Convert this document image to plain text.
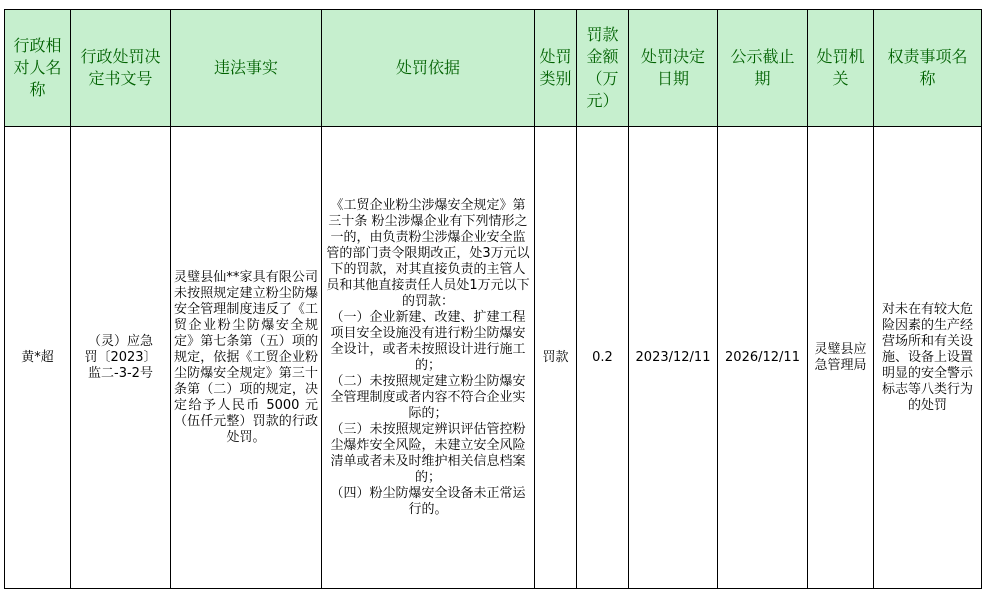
行政相对人名称	行政处罚决定书文号	违法事实	处罚依据	处罚类别	罚款金额（万元）	处罚决定日期	公示截止期	处罚机关	权责事项名称

黄*超	（灵）应急罚〔2023〕监二-3-2号	灵璧县仙**家具有限公司未按照规定建立粉尘防爆安全管理制度违反了《工贸企业粉尘防爆安全规定》第七条第（五）项的规定，依据《工贸企业粉尘防爆安全规定》第三十条第（二）项的规定，决定给予人民币 5000 元（伍仟元整）罚款的行政处罚。	《工贸企业粉尘涉爆安全规定》第三十条 粉尘涉爆企业有下列情形之一的，由负责粉尘涉爆企业安全监管的部门责令限期改正，处3万元以下的罚款，对其直接负责的主管人员和其他直接责任人员处1万元以下的罚款：
（一）企业新建、改建、扩建工程项目安全设施没有进行粉尘防爆安全设计，或者未按照设计进行施工的；
（二）未按照规定建立粉尘防爆安全管理制度或者内容不符合企业实际的；
（三）未按照规定辨识评估管控粉尘爆炸安全风险，未建立安全风险清单或者未及时维护相关信息档案的；
（四）粉尘防爆安全设备未正常运行的。	罚款	0.2	2023/12/11	2026/12/11	灵璧县应急管理局	对未在有较大危险因素的生产经营场所和有关设施、设备上设置明显的安全警示标志等八类行为的处罚
